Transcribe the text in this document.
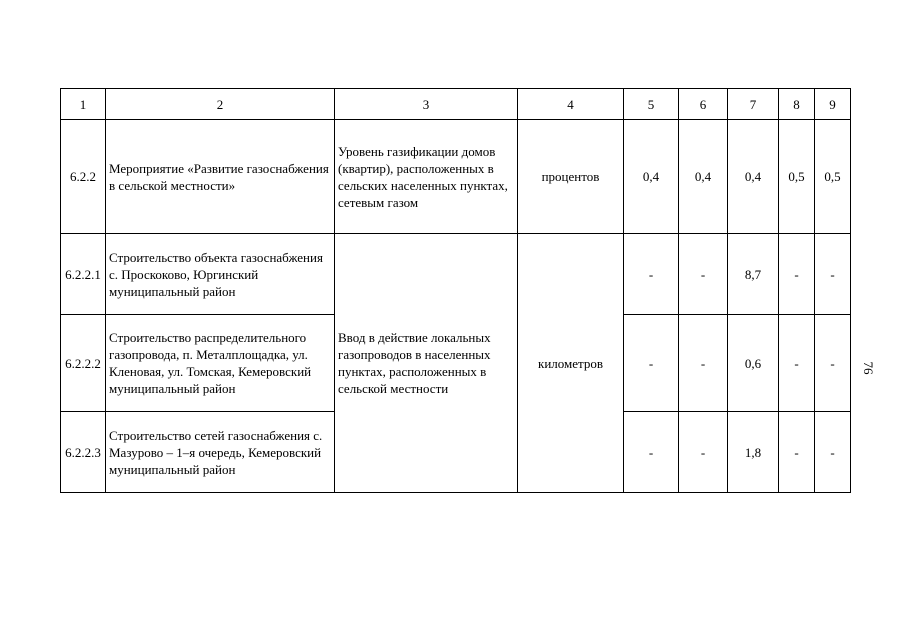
1	2	3	4	5	6	7	8	9
6.2.2	Мероприятие «Развитие газоснабжения в сельской местности»	Уровень газификации домов (квартир), расположенных в сельских населенных пунктах, сетевым газом	процентов	0,4	0,4	0,4	0,5	0,5
6.2.2.1	Строительство объекта газоснабжения с. Проскоково, Юргинский муниципальный район	Ввод в действие локальных газопроводов в населенных пунктах, расположенных в сельской местности	километров	-	-	8,7	-	-
6.2.2.2	Строительство распределительного газопровода, п. Металплощадка, ул. Кленовая, ул. Томская, Кемеровский муниципальный район			-	-	0,6	-	-
6.2.2.3	Строительство сетей газоснабжения с. Мазурово – 1–я очередь, Кемеровский муниципальный район			-	-	1,8	-	-
76
